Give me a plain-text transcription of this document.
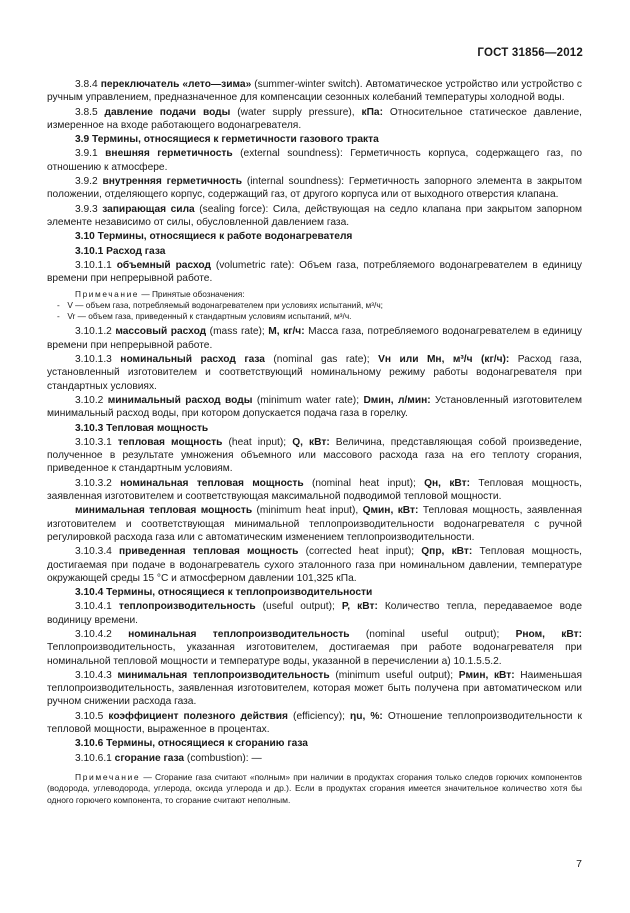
ГОСТ 31856—2012

3.8.4 переключатель «лето—зима» (summer-winter switch). Автоматическое устройство или устройство с ручным управлением, предназначенное для компенсации сезонных колебаний температуры холодной воды.

3.8.5 давление подачи воды (water supply pressure), кПа: Относительное статическое давление, измеренное на входе работающего водонагревателя.

3.9 Термины, относящиеся к герметичности газового тракта

3.9.1 внешняя герметичность (external soundness): Герметичность корпуса, содержащего газ, по отношению к атмосфере.

3.9.2 внутренняя герметичность (internal soundness): Герметичность запорного элемента в закрытом положении, отделяющего корпус, содержащий газ, от другого корпуса или от выходного отверстия клапана.

3.9.3 запирающая сила (sealing force): Сила, действующая на седло клапана при закрытом запорном элементе независимо от силы, обусловленной давлением газа.

3.10 Термины, относящиеся к работе водонагревателя

3.10.1 Расход газа

3.10.1.1 объемный расход (volumetric rate): Объем газа, потребляемого водонагревателем в единицу времени при непрерывной работе.

Примечание — Принятые обозначения:

- V — объем газа, потребляемый водонагревателем при условиях испытаний, м³/ч;

- Vr — объем газа, приведенный к стандартным условиям испытаний, м³/ч.

3.10.1.2 массовый расход (mass rate); M, кг/ч: Масса газа, потребляемого водонагревателем в единицу времени при непрерывной работе.

3.10.1.3 номинальный расход газа (nominal gas rate); Vн или Mн, м³/ч (кг/ч): Расход газа, установленный изготовителем и соответствующий номинальному режиму работы водонагревателя при стандартных условиях.

3.10.2 минимальный расход воды (minimum water rate); Dмин, л/мин: Установленный изготовителем минимальный расход воды, при котором допускается подача газа в горелку.

3.10.3 Тепловая мощность

3.10.3.1 тепловая мощность (heat input); Q, кВт: Величина, представляющая собой произведение, полученное в результате умножения объемного или массового расхода газа на его теплоту сгорания, приведенное к стандартным условиям.

3.10.3.2 номинальная тепловая мощность (nominal heat input); Qн, кВт: Тепловая мощность, заявленная изготовителем и соответствующая максимальной подводимой тепловой мощности.

минимальная тепловая мощность (minimum heat input), Qмин, кВт: Тепловая мощность, заявленная изготовителем и соответствующая минимальной теплопроизводительности водонагревателя с ручной регулировкой расхода газа или с автоматическим изменением теплопроизводительности.

3.10.3.4 приведенная тепловая мощность (corrected heat input); Qпр, кВт: Тепловая мощность, достигаемая при подаче в водонагреватель сухого эталонного газа при номинальном давлении, температуре окружающей среды 15 °С и атмосферном давлении 101,325 кПа.

3.10.4 Термины, относящиеся к теплопроизводительности

3.10.4.1 теплопроизводительность (useful output); P, кВт: Количество тепла, передаваемое воде водиницу времени.

3.10.4.2 номинальная теплопроизводительность (nominal useful output); Pном, кВт: Теплопроизводительность, указанная изготовителем, достигаемая при работе водонагревателя при номинальной тепловой мощности и температуре воды, указанной в перечислении а) 10.1.5.5.2.

3.10.4.3 минимальная теплопроизводительность (minimum useful output); Pмин, кВт: Наименьшая теплопроизводительность, заявленная изготовителем, которая может быть получена при автоматическом или ручном снижении расхода газа.

3.10.5 коэффициент полезного действия (efficiency); ηu, %: Отношение теплопроизводительности к тепловой мощности, выраженное в процентах.

3.10.6 Термины, относящиеся к сгоранию газа

3.10.6.1 сгорание газа (combustion): —

Примечание — Сгорание газа считают «полным» при наличии в продуктах сгорания только следов горючих компонентов (водорода, углеводорода, углерода, оксида углерода и др.). Если в продуктах сгорания имеется значительное количество хотя бы одного горючего компонента, то сгорание считают неполным.

7
